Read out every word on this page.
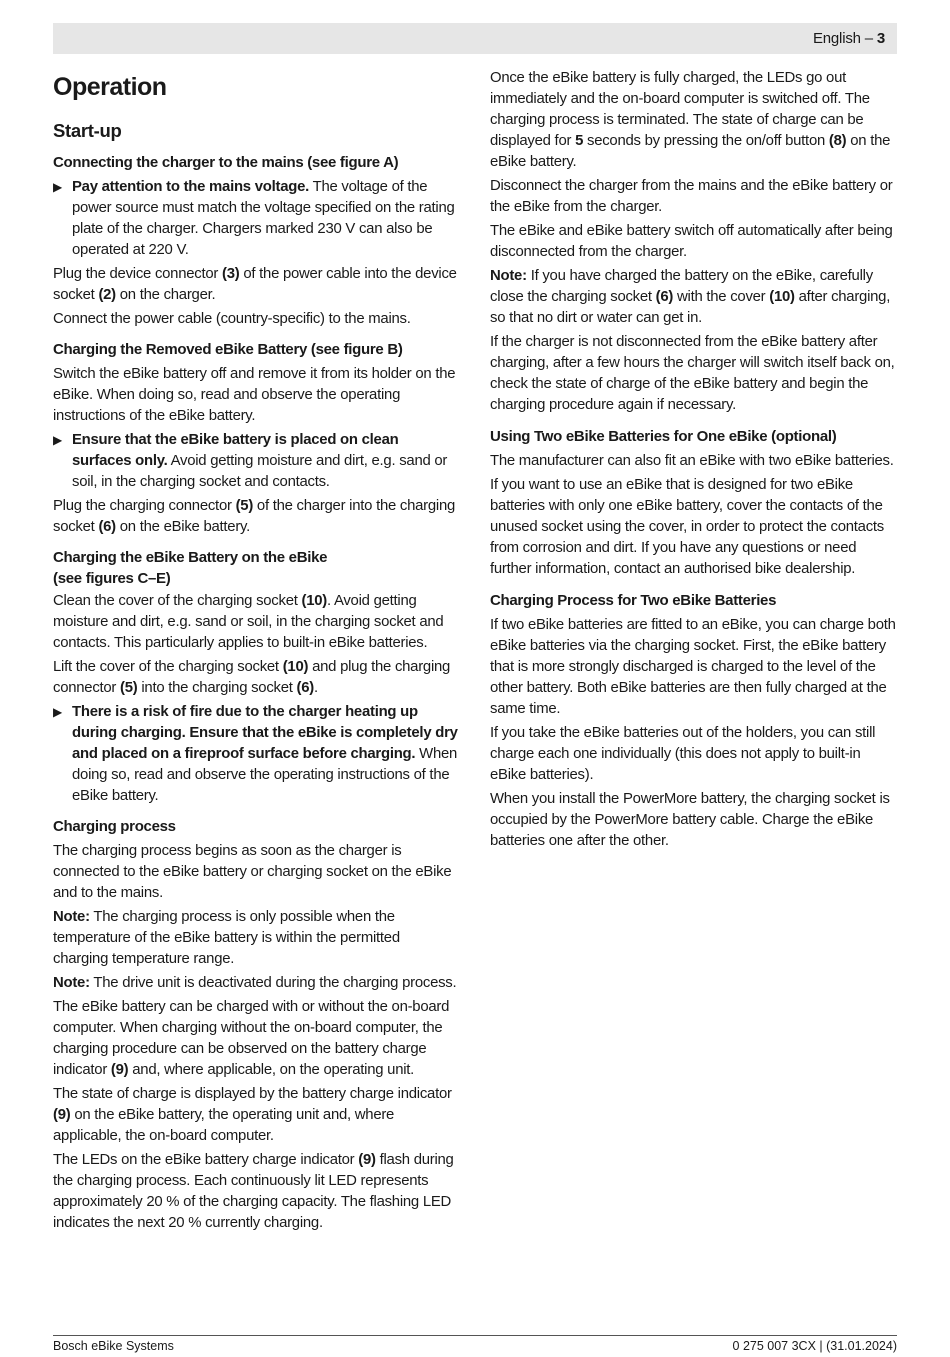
English – 3
Operation
Start-up
Connecting the charger to the mains (see figure A)
▶ Pay attention to the mains voltage. The voltage of the power source must match the voltage specified on the rating plate of the charger. Chargers marked 230 V can also be operated at 220 V.

Plug the device connector (3) of the power cable into the device socket (2) on the charger.

Connect the power cable (country-specific) to the mains.

Charging the Removed eBike Battery (see figure B)

Switch the eBike battery off and remove it from its holder on the eBike. When doing so, read and observe the operating instructions of the eBike battery.

▶ Ensure that the eBike battery is placed on clean surfaces only. Avoid getting moisture and dirt, e.g. sand or soil, in the charging socket and contacts.

Plug the charging connector (5) of the charger into the charging socket (6) on the eBike battery.

Charging the eBike Battery on the eBike
(see figures C–E)

Clean the cover of the charging socket (10). Avoid getting moisture and dirt, e.g. sand or soil, in the charging socket and contacts. This particularly applies to built-in eBike batteries.

Lift the cover of the charging socket (10) and plug the charging connector (5) into the charging socket (6).

▶ There is a risk of fire due to the charger heating up during charging. Ensure that the eBike is completely dry and placed on a fireproof surface before charging. When doing so, read and observe the operating instructions of the eBike battery.
Charging process

The charging process begins as soon as the charger is connected to the eBike battery or charging socket on the eBike and to the mains.

Note: The charging process is only possible when the temperature of the eBike battery is within the permitted charging temperature range.

Note: The drive unit is deactivated during the charging process.

The eBike battery can be charged with or without the on-board computer. When charging without the on-board computer, the charging procedure can be observed on the battery charge indicator (9) and, where applicable, on the operating unit.

The state of charge is displayed by the battery charge indicator (9) on the eBike battery, the operating unit and, where applicable, the on-board computer.

The LEDs on the eBike battery charge indicator (9) flash during the charging process. Each continuously lit LED represents approximately 20 % of the charging capacity. The flashing LED indicates the next 20 % currently charging.

Once the eBike battery is fully charged, the LEDs go out immediately and the on-board computer is switched off. The charging process is terminated. The state of charge can be displayed for 5 seconds by pressing the on/off button (8) on the eBike battery.

Disconnect the charger from the mains and the eBike battery or the eBike from the charger.

The eBike and eBike battery switch off automatically after being disconnected from the charger.

Note: If you have charged the battery on the eBike, carefully close the charging socket (6) with the cover (10) after charging, so that no dirt or water can get in.

If the charger is not disconnected from the eBike battery after charging, after a few hours the charger will switch itself back on, check the state of charge of the eBike battery and begin the charging procedure again if necessary.

Using Two eBike Batteries for One eBike (optional)

The manufacturer can also fit an eBike with two eBike batteries.

If you want to use an eBike that is designed for two eBike batteries with only one eBike battery, cover the contacts of the unused socket using the cover, in order to protect the contacts from corrosion and dirt. If you have any questions or need further information, contact an authorised bike dealership.

Charging Process for Two eBike Batteries

If two eBike batteries are fitted to an eBike, you can charge both eBike batteries via the charging socket. First, the eBike battery that is more strongly discharged is charged to the level of the other battery. Both eBike batteries are then fully charged at the same time.

If you take the eBike batteries out of the holders, you can still charge each one individually (this does not apply to built-in eBike batteries).

When you install the PowerMore battery, the charging socket is occupied by the PowerMore battery cable. Charge the eBike batteries one after the other.

Bosch eBike Systems	0 275 007 3CX | (31.01.2024)
